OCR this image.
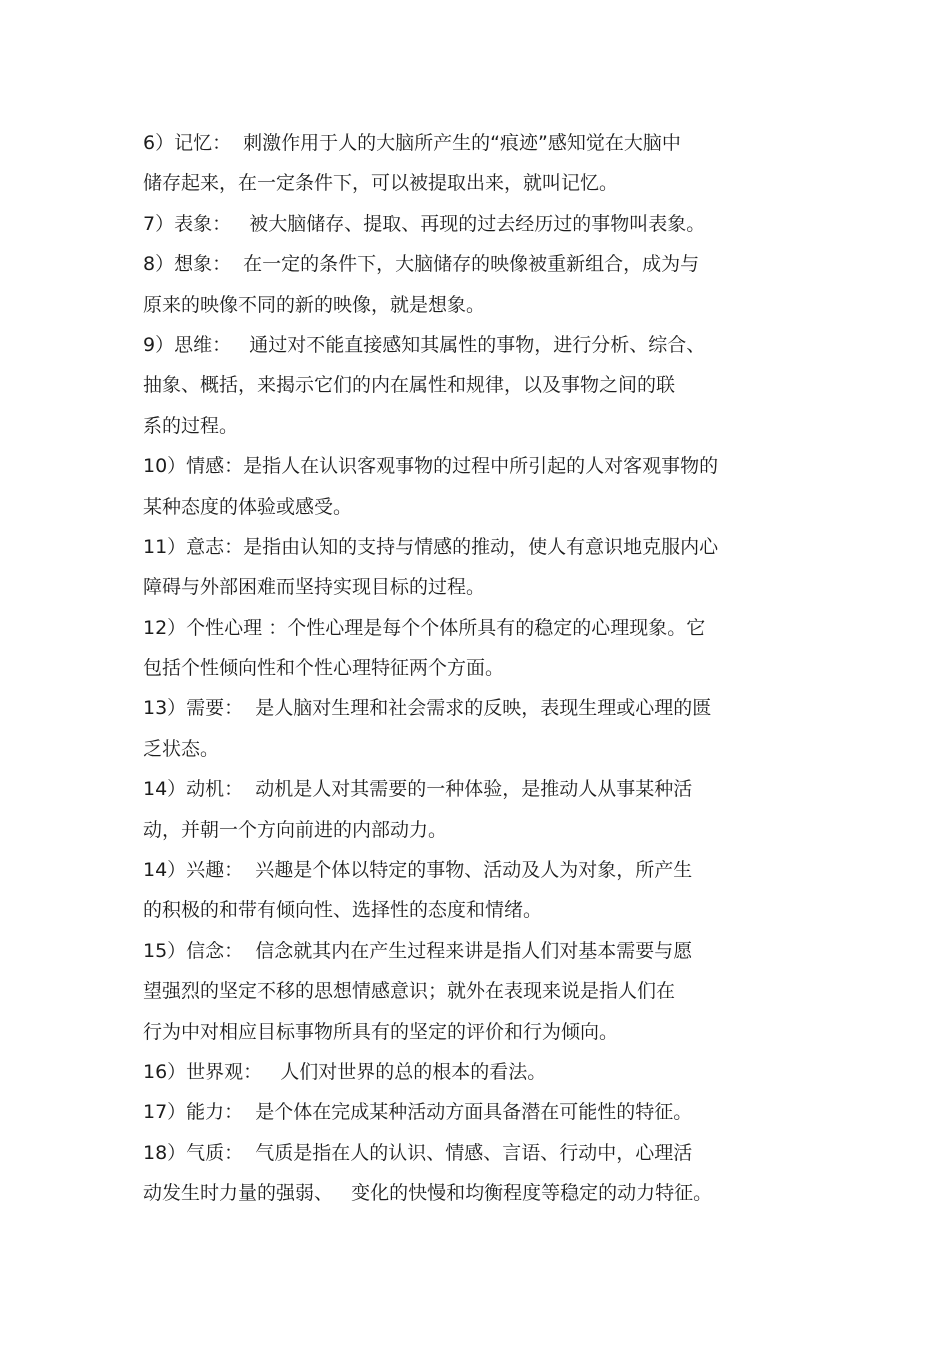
6）记忆：  刺激作用于人的大脑所产生的“痕迹”感知觉在大脑中
储存起来，在一定条件下，可以被提取出来，就叫记忆。
7）表象：   被大脑储存、提取、再现的过去经历过的事物叫表象。
8）想象：  在一定的条件下，大脑储存的映像被重新组合，成为与
原来的映像不同的新的映像，就是想象。
9）思维：   通过对不能直接感知其属性的事物，进行分析、综合、
抽象、概括，来揭示它们的内在属性和规律，以及事物之间的联
系的过程。
10）情感：是指人在认识客观事物的过程中所引起的人对客观事物的
某种态度的体验或感受。
11）意志：是指由认知的支持与情感的推动，使人有意识地克服内心
障碍与外部困难而坚持实现目标的过程。
12）个性心理 ：个性心理是每个个体所具有的稳定的心理现象。它
包括个性倾向性和个性心理特征两个方面。
13）需要：  是人脑对生理和社会需求的反映，表现生理或心理的匮
乏状态。
14）动机：  动机是人对其需要的一种体验，是推动人从事某种活
动，并朝一个方向前进的内部动力。
14）兴趣：  兴趣是个体以特定的事物、活动及人为对象，所产生
的积极的和带有倾向性、选择性的态度和情绪。
15）信念：  信念就其内在产生过程来讲是指人们对基本需要与愿
望强烈的坚定不移的思想情感意识；就外在表现来说是指人们在
行为中对相应目标事物所具有的坚定的评价和行为倾向。
16）世界观：   人们对世界的总的根本的看法。
17）能力：  是个体在完成某种活动方面具备潜在可能性的特征。
18）气质：  气质是指在人的认识、情感、言语、行动中，心理活
动发生时力量的强弱、   变化的快慢和均衡程度等稳定的动力特征。
